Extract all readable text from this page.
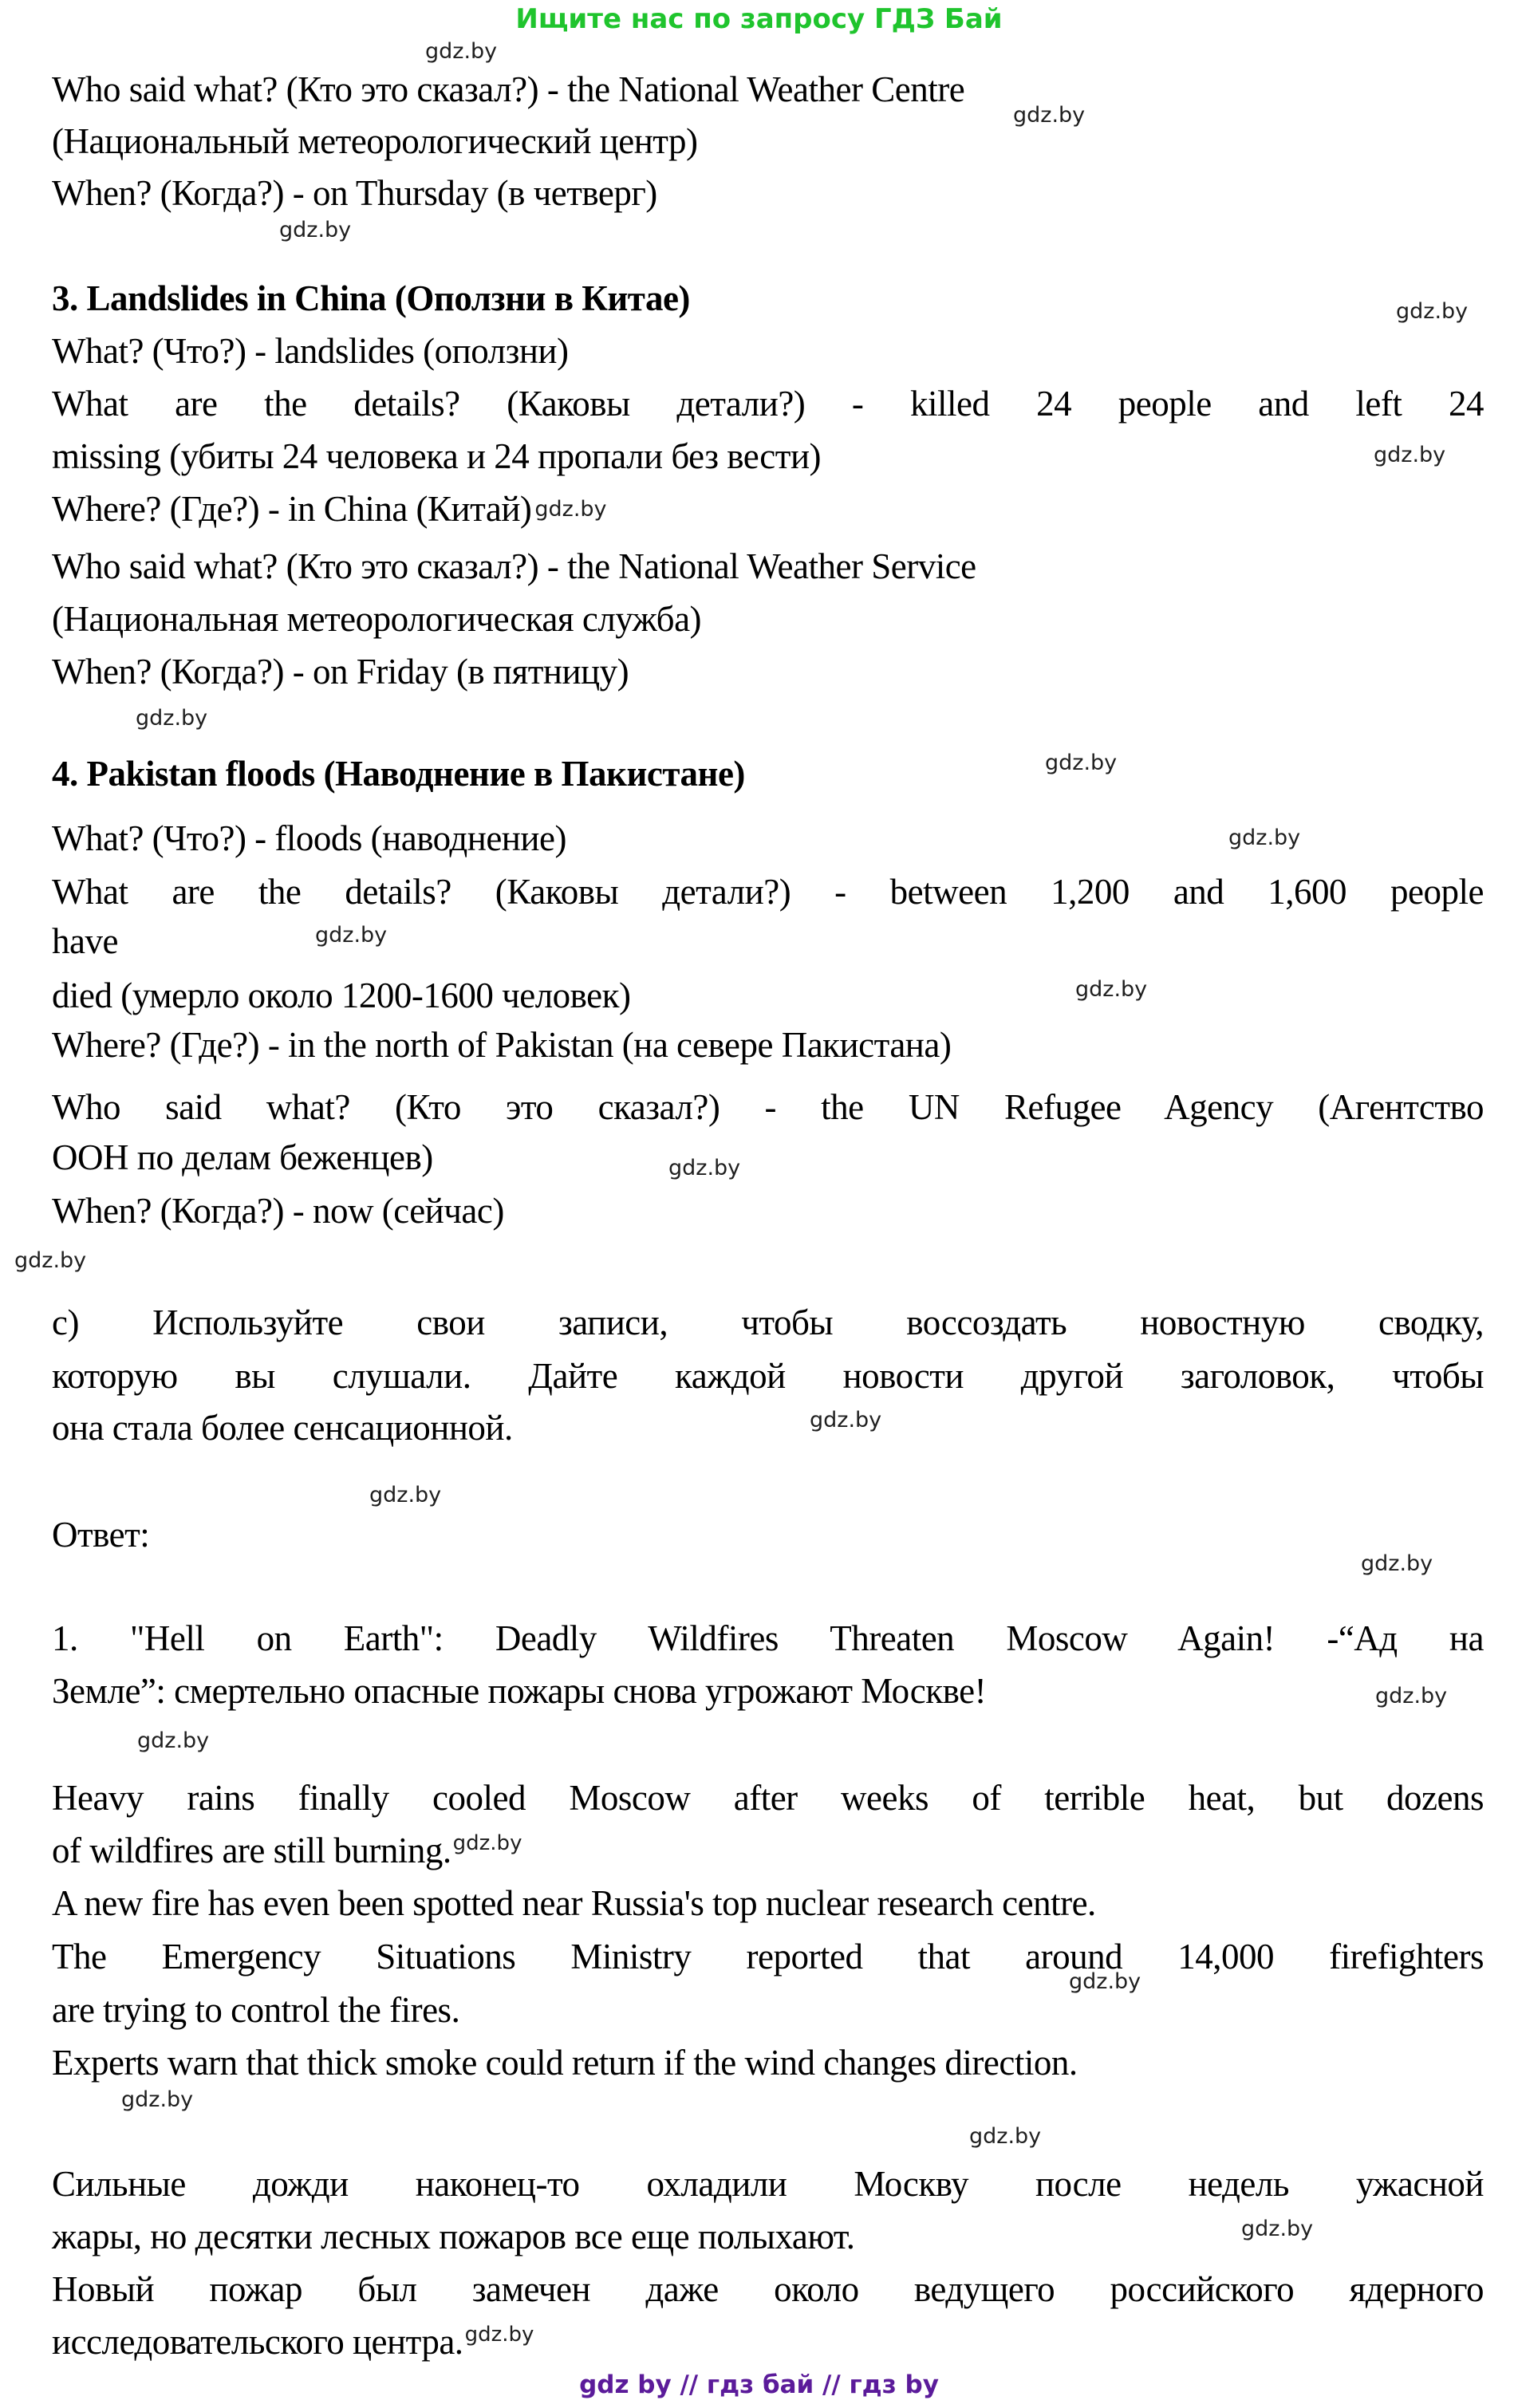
Ищите нас по запросу ГДЗ Бай
Who said what? (Кто это сказал?) - the National Weather Centre
(Национальный метеорологический центр)
When? (Когда?) - on Thursday (в четверг)
3. Landslides in China (Оползни в Китае)
What? (Что?) - landslides (оползни)
What are the details? (Каковы детали?) - killed 24 people and left 24
missing (убиты 24 человека и 24 пропали без вести)
Where? (Где?) - in China (Китай) gdz.by
Who said what? (Кто это сказал?) - the National Weather Service
(Национальная метеорологическая служба)
When? (Когда?) - on Friday (в пятницу)
4. Pakistan floods (Наводнение в Пакистане)
What? (Что?) - floods (наводнение)
What are the details? (Каковы детали?) - between 1,200 and 1,600 people
have
died (умерло около 1200-1600 человек)
Where? (Где?) - in the north of Pakistan (на севере Пакистана)
Who said what? (Кто это сказал?) - the UN Refugee Agency (Агентство
ООН по делам беженцев)
When? (Когда?) - now (сейчас)
с) Используйте свои записи, чтобы воссоздать новостную сводку,
которую вы слушали. Дайте каждой новости другой заголовок, чтобы
она стала более сенсационной.
Ответ:
1. "Hell on Earth": Deadly Wildfires Threaten Moscow Again! -“Ад на
Земле”: смертельно опасные пожары снова угрожают Москве!
Heavy rains finally cooled Moscow after weeks of terrible heat, but dozens
of wildfires are still burning.$^{gdz.by}$
A new fire has even been spotted near Russia's top nuclear research centre.
The Emergency Situations Ministry reported that around 14,000 firefighters
are trying to control the fires.
Experts warn that thick smoke could return if the wind changes direction.
Сильные дожди наконец-то охладили Москву после недель ужасной
жары, но десятки лесных пожаров все еще полыхают.
Новый пожар был замечен даже около ведущего российского ядерного
исследовательского центра.$^{gdz.by}$
gdz.by
gdz.by
gdz.by
gdz.by
gdz.by
gdz.by
gdz.by
gdz.by
gdz.by
gdz.by
gdz.by
gdz.by
gdz.by
gdz.by
gdz.by
gdz.by
gdz.by
gdz.by
gdz.by
gdz.by
gdz.by
gdz by // гдз бай // гдз by
